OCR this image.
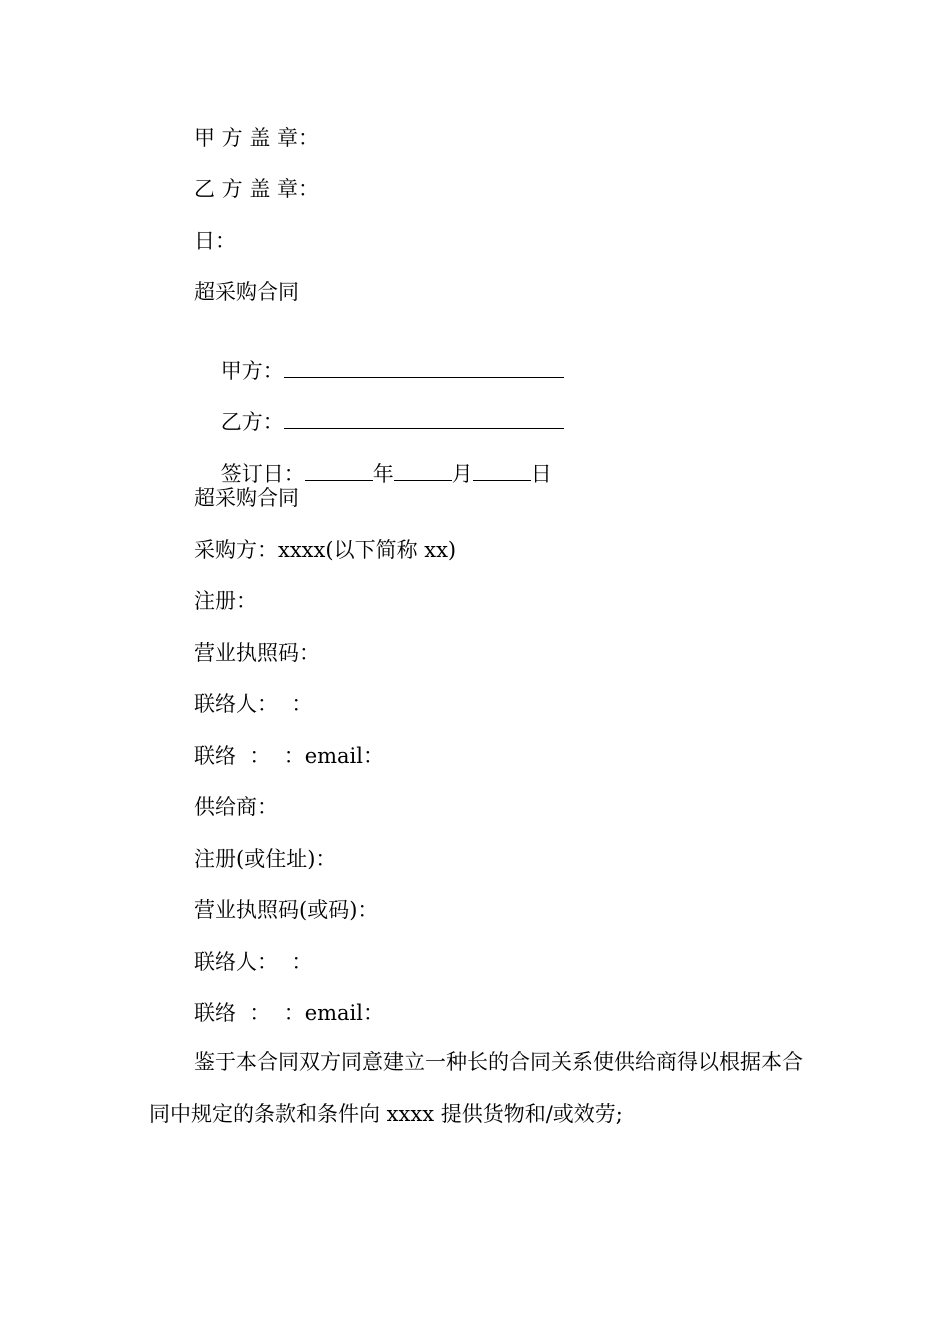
甲 方 盖 章：
乙 方 盖 章：
日：
超采购合同

甲方：

乙方：

签订日：	年	月	日

超采购合同
采购方：xxxx(以下简称 xx)
注册：
营业执照码：
联络人：  ：
联络  ：  ：email：
供给商：
注册(或住址)：
营业执照码(或码)：
联络人：  ：
联络  ：  ：email：
鉴于本合同双方同意建立一种长的合同关系使供给商得以根据本合同中规定的条款和条件向 xxxx 提供货物和/或效劳;
